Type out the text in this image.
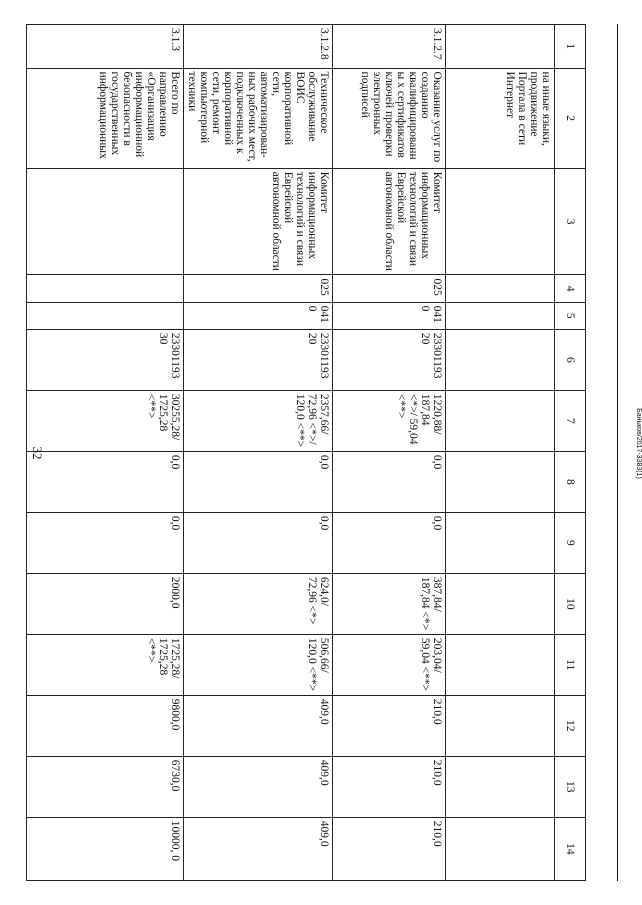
32	Баньков/2017-3383(1)
1	2	3	4	5	6	7	8	9	10	11	12	13	14
	на иные языки, продвижение Портала в сети Интернет												
3.1.2.7	Оказание услуг по созданию квалифицированны х сертификатов ключей проверки электронных подписей	Комитет информационных технологий и связи Еврейской автономной области	025	0410	23301193 20	1220,88/ 187,84 <*>/ 59,04 <**>	0,0	0,0	387,84/ 187,84 <*>	203,04/ 59,04 <**>	210,0	210,0	210,0
3.1.2.8	Техническое обслуживание ВОИС корпоративной сети, автоматизирован-ных рабочих мест, подключенных к корпоративной сети, ремонт компьютерной техники	Комитет информационных технологий и связи Еврейской автономной области	025	0410	23301193 20	2357,66/ 72,96 <*>/ 120,0 <**>	0,0	0,0	624,0/ 72,96 <*>	506,66/ 120,0 <**>	409,0	409,0	409,0
3.1.3	Всего по направлению «Организация информационной безопасности в государственных информационных				23301193 30	30255,28/ 1725,28 <**>	0,0	0,0	2000,0	1725,28/ 1725,28 <**>	9800,0	6730,0	10000, 0
